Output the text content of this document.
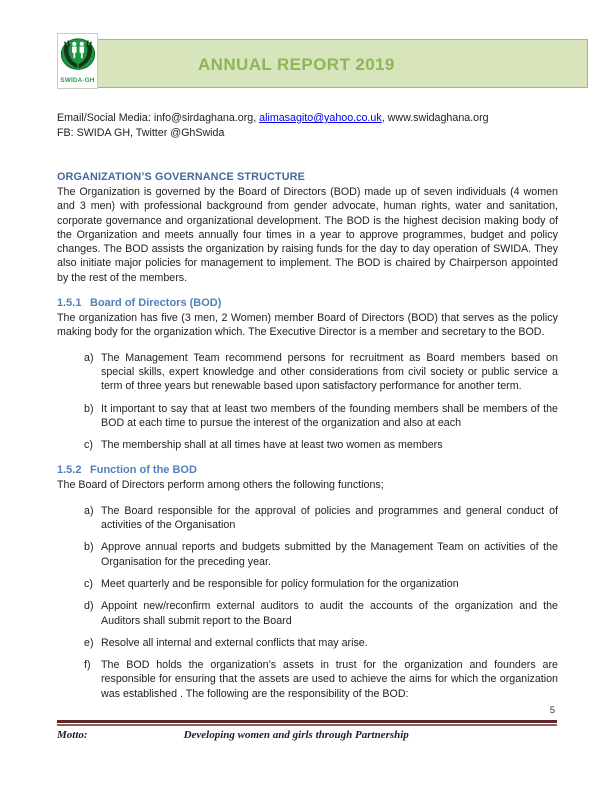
ANNUAL REPORT 2019
SWIDA-GH
Email/Social Media: info@sirdaghana.org, alimasagito@yahoo.co.uk, www.swidaghana.org
FB: SWIDA GH, Twitter @GhSwida
ORGANIZATION’S GOVERNANCE STRUCTURE

The Organization is governed by the Board of Directors (BOD) made up of seven individuals (4 women and 3 men) with professional background from gender advocate, human rights, water and sanitation, corporate governance and organizational development. The BOD is the highest decision making body of the Organization and meets annually four times in a year to approve programmes, budget and policy changes. The BOD assists the organization by raising funds for the day to day operation of SWIDA. They also initiate major policies for management to implement. The BOD is chaired by Chairperson appointed by the rest of the members.

1.5.1 Board of Directors (BOD)

The organization has five (3 men, 2 Women) member Board of Directors (BOD) that serves as the policy making body for the organization which. The Executive Director is a member and secretary to the BOD.

a) The Management Team recommend persons for recruitment as Board members based on special skills, expert knowledge and other considerations from civil society or public service a term of three years but renewable based upon satisfactory performance for another term.
b) It important to say that at least two members of the founding members shall be members of the BOD at each time to pursue the interest of the organization and also at each
c) The membership shall at all times have at least two women as members
1.5.2 Function of the BOD

The Board of Directors perform among others the following functions;

a) The Board responsible for the approval of policies and programmes and general conduct of activities of the Organisation
b) Approve annual reports and budgets submitted by the Management Team on activities of the Organisation for the preceding year.
c) Meet quarterly and be responsible for policy formulation for the organization
d) Appoint new/reconfirm external auditors to audit the accounts of the organization and the Auditors shall submit report to the Board
e) Resolve all internal and external conflicts that may arise.
f) The BOD holds the organization’s assets in trust for the organization and founders are responsible for ensuring that the assets are used to achieve the aims for which the organization was established . The following are the responsibility of the BOD:
5
Motto:	Developing women and girls through Partnership
